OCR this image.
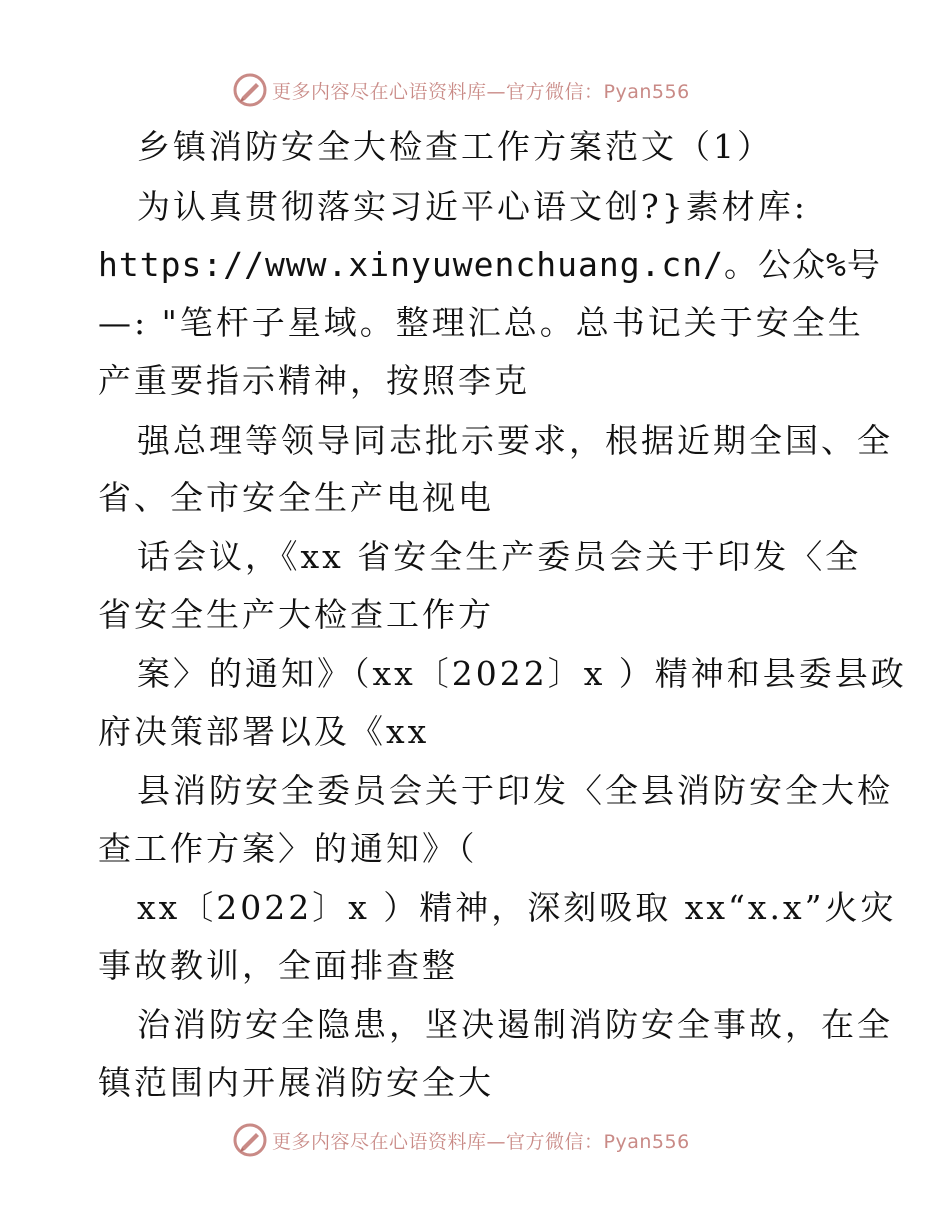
更多内容尽在心语资料库—官方微信：Pyan556
乡镇消防安全大检查工作方案范文（1）
为认真贯彻落实习近平心语文创?}素材库:
https://www.xinyuwenchuang.cn/。公众%号
—: "笔杆子星域。整理汇总。总书记关于安全生
产重要指示精神，按照李克
强总理等领导同志批示要求，根据近期全国、全
省、全市安全生产电视电
话会议，《xx 省安全生产委员会关于印发〈全
省安全生产大检查工作方
案〉的通知》（xx〔2022〕x ）精神和县委县政
府决策部署以及《xx
县消防安全委员会关于印发〈全县消防安全大检
查工作方案〉的通知》（
xx〔2022〕x ）精神，深刻吸取 xx“x.x”火灾
事故教训，全面排查整
治消防安全隐患，坚决遏制消防安全事故，在全
镇范围内开展消防安全大
更多内容尽在心语资料库—官方微信：Pyan556
